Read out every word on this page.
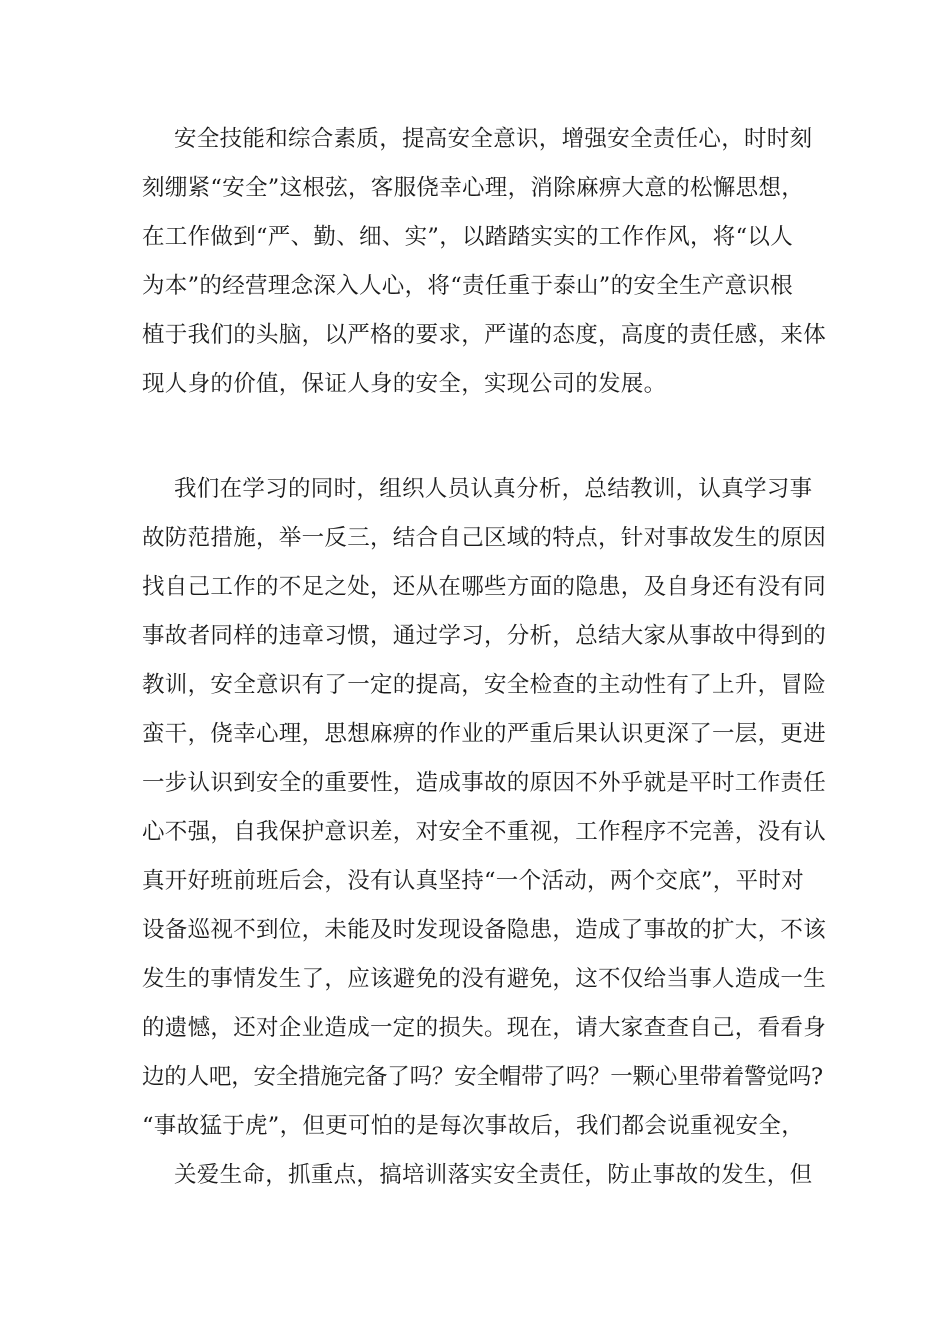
安全技能和综合素质，提高安全意识，增强安全责任心，时时刻
刻绷紧“安全”这根弦，客服侥幸心理，消除麻痹大意的松懈思想，
在工作做到“严、勤、细、实”，以踏踏实实的工作作风，将“以人
为本”的经营理念深入人心，将“责任重于泰山”的安全生产意识根
植于我们的头脑，以严格的要求，严谨的态度，高度的责任感，来体
现人身的价值，保证人身的安全，实现公司的发展。
我们在学习的同时，组织人员认真分析，总结教训，认真学习事
故防范措施，举一反三，结合自己区域的特点，针对事故发生的原因
找自己工作的不足之处，还从在哪些方面的隐患，及自身还有没有同
事故者同样的违章习惯，通过学习，分析，总结大家从事故中得到的
教训，安全意识有了一定的提高，安全检查的主动性有了上升，冒险
蛮干，侥幸心理，思想麻痹的作业的严重后果认识更深了一层，更进
一步认识到安全的重要性，造成事故的原因不外乎就是平时工作责任
心不强，自我保护意识差，对安全不重视，工作程序不完善，没有认
真开好班前班后会，没有认真坚持“一个活动，两个交底”，平时对
设备巡视不到位，未能及时发现设备隐患，造成了事故的扩大，不该
发生的事情发生了，应该避免的没有避免，这不仅给当事人造成一生
的遗憾，还对企业造成一定的损失。现在，请大家查查自己，看看身
边的人吧，安全措施完备了吗？安全帽带了吗？一颗心里带着警觉吗?
“事故猛于虎”，但更可怕的是每次事故后，我们都会说重视安全，
关爱生命，抓重点，搞培训落实安全责任，防止事故的发生，但
